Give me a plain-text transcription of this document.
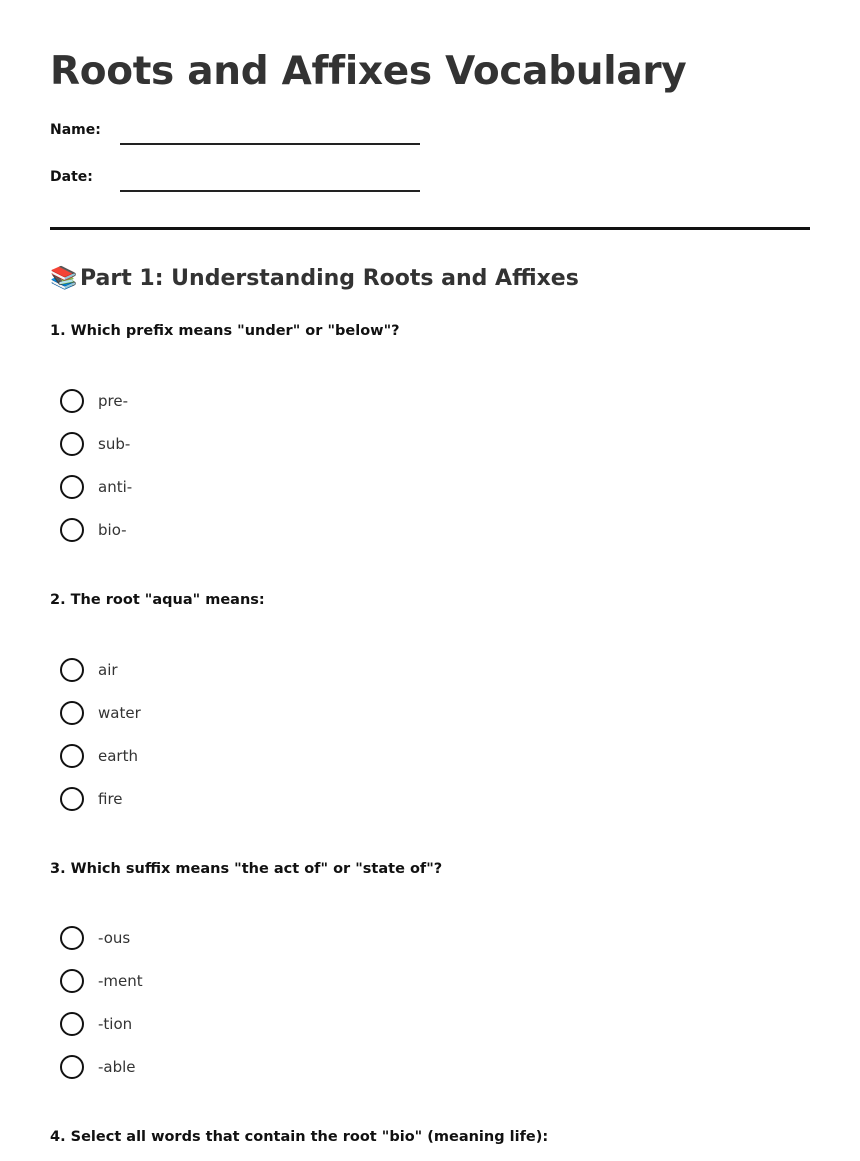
Roots and Affixes Vocabulary
Name:
Date:
📚 Part 1: Understanding Roots and Affixes

1. Which prefix means "under" or "below"?

pre-
sub-
anti-
bio-

2. The root "aqua" means:

air
water
earth
fire

3. Which suffix means "the act of" or "state of"?

-ous
-ment
-tion
-able

4. Select all words that contain the root "bio" (meaning life):
